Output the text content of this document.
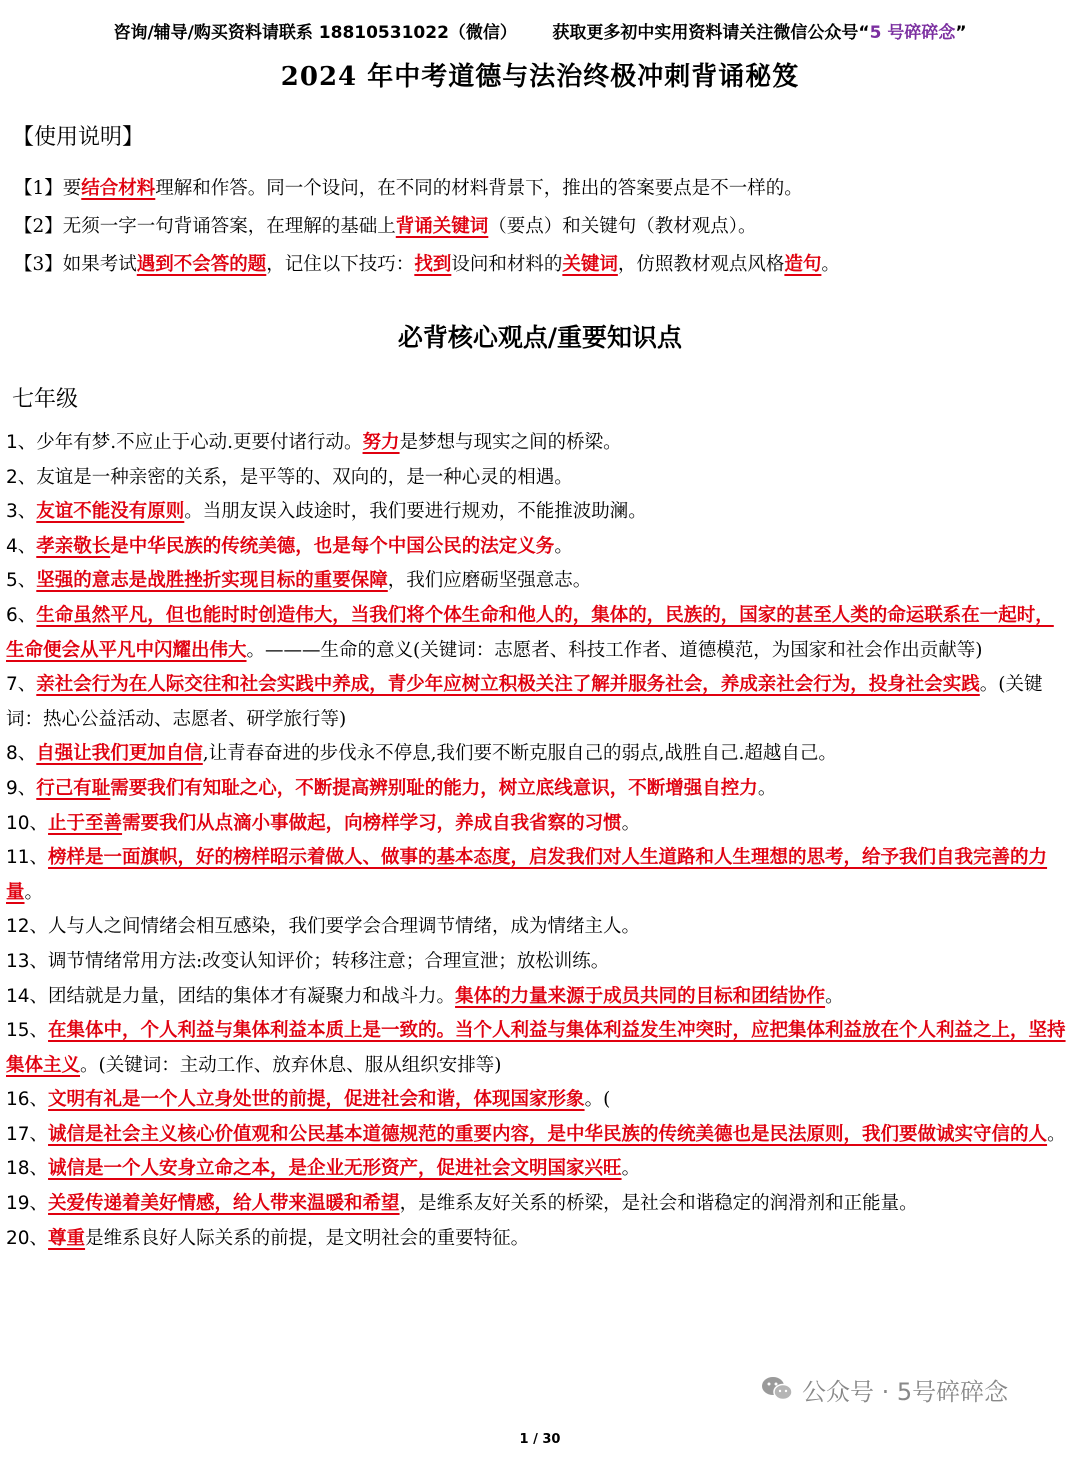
咨询/辅导/购买资料请联系 18810531022（微信） 获取更多初中实用资料请关注微信公众号“5 号碎碎念”
2024 年中考道德与法治终极冲刺背诵秘笈
【使用说明】
【1】要结合材料理解和作答。同一个设问，在不同的材料背景下，推出的答案要点是不一样的。
【2】无须一字一句背诵答案，在理解的基础上背诵关键词（要点）和关键句（教材观点）。
【3】如果考试遇到不会答的题，记住以下技巧：找到设问和材料的关键词，仿照教材观点风格造句。
必背核心观点/重要知识点
七年级
1、少年有梦.不应止于心动.更要付诸行动。努力是梦想与现实之间的桥梁。
2、友谊是一种亲密的关系，是平等的、双向的，是一种心灵的相遇。
3、友谊不能没有原则。当朋友误入歧途时，我们要进行规劝，不能推波助澜。
4、孝亲敬长是中华民族的传统美德，也是每个中国公民的法定义务。
5、坚强的意志是战胜挫折实现目标的重要保障，我们应磨砺坚强意志。
6、生命虽然平凡，但也能时时创造伟大，当我们将个体生命和他人的，集体的，民族的，国家的甚至人类的命运联系在一起时，生命便会从平凡中闪耀出伟大。———生命的意义(关键词：志愿者、科技工作者、道德模范，为国家和社会作出贡献等)
7、亲社会行为在人际交往和社会实践中养成，青少年应树立积极关注了解并服务社会，养成亲社会行为，投身社会实践。(关键词：热心公益活动、志愿者、研学旅行等)
8、自强让我们更加自信,让青春奋进的步伐永不停息,我们要不断克服自己的弱点,战胜自己.超越自己。
9、行己有耻需要我们有知耻之心，不断提高辨别耻的能力，树立底线意识，不断增强自控力。
10、止于至善需要我们从点滴小事做起，向榜样学习，养成自我省察的习惯。
11、榜样是一面旗帜，好的榜样昭示着做人、做事的基本态度，启发我们对人生道路和人生理想的思考，给予我们自我完善的力量。
12、人与人之间情绪会相互感染，我们要学会合理调节情绪，成为情绪主人。
13、调节情绪常用方法:改变认知评价；转移注意；合理宣泄；放松训练。
14、团结就是力量，团结的集体才有凝聚力和战斗力。集体的力量来源于成员共同的目标和团结协作。
15、在集体中，个人利益与集体利益本质上是一致的。当个人利益与集体利益发生冲突时，应把集体利益放在个人利益之上，坚持集体主义。(关键词：主动工作、放弃休息、服从组织安排等)
16、文明有礼是一个人立身处世的前提，促进社会和谐，体现国家形象。(
17、诚信是社会主义核心价值观和公民基本道德规范的重要内容，是中华民族的传统美德也是民法原则，我们要做诚实守信的人。
18、诚信是一个人安身立命之本，是企业无形资产，促进社会文明国家兴旺。
19、关爱传递着美好情感，给人带来温暖和希望，是维系友好关系的桥梁，是社会和谐稳定的润滑剂和正能量。
20、尊重是维系良好人际关系的前提，是文明社会的重要特征。
公众号 · 5号碎碎念
1 / 30
